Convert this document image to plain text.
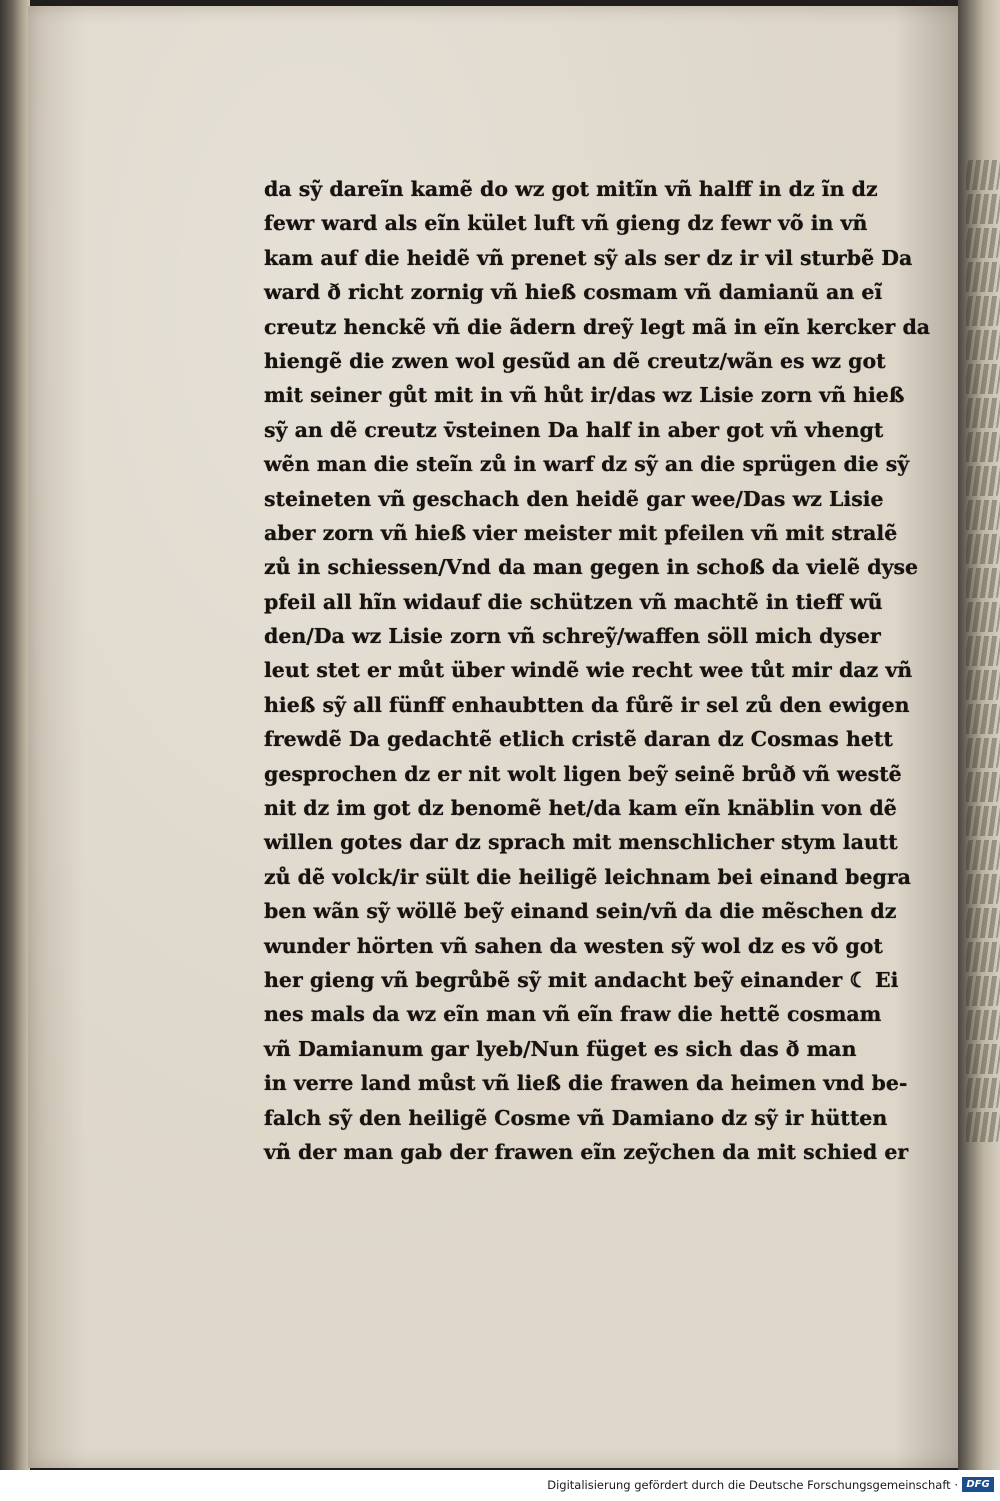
da sỹ dareĩn kamẽ do wz got mitĩn vñ halff in dz ĩn dz
fewr ward als eĩn kület luft vñ gieng dz fewr võ in vñ
kam auf die heidẽ vñ prenet sỹ als ser dz ir vil sturbẽ Da
ward ð richt zornig vñ hieß cosmam vñ damianũ an eĩ
creutz henckẽ vñ die ãdern dreỹ legt mã in eĩn kercker da
hiengẽ die zwen wol gesũd an dẽ creutz/wãn es wz got
mit seiner gůt mit in vñ hůt ir/das wz Lisie zorn vñ hieß
sỹ an dẽ creutz v̄steinen Da half in aber got vñ vhengt
wẽn man die steĩn zů in warf dz sỹ an die sprügen die sỹ
steineten vñ geschach den heidẽ gar wee/Das wz Lisie
aber zorn vñ hieß vier meister mit pfeilen vñ mit stralẽ
zů in schiessen/Vnd da man gegen in schoß da vielẽ dyse
pfeil all hĩn widauf die schützen vñ machtẽ in tieff wũ
den/Da wz Lisie zorn vñ schreỹ/waffen söll mich dyser
leut stet er můt über windẽ wie recht wee tůt mir daz vñ
hieß sỹ all fünff enhaubtten da fůrẽ ir sel zů den ewigen
frewdẽ Da gedachtẽ etlich cristẽ daran dz Cosmas hett
gesprochen dz er nit wolt ligen beỹ seinẽ brůð vñ westẽ
nit dz im got dz benomẽ het/da kam eĩn knäblin von dẽ
willen gotes dar dz sprach mit menschlicher stym lautt
zů dẽ volck/ir sült die heiligẽ leichnam bei einand begra
ben wãn sỹ wöllẽ beỹ einand sein/vñ da die mẽschen dz
wunder hörten vñ sahen da westen sỹ wol dz es võ got
her gieng vñ begrůbẽ sỹ mit andacht beỹ einander ☾ Ei
nes mals da wz eĩn man vñ eĩn fraw die hettẽ cosmam
vñ Damianum gar lyeb/Nun füget es sich das ð man
in verre land můst vñ ließ die frawen da heimen vnd be-
falch sỹ den heiligẽ Cosme vñ Damiano dz sỹ ir hütten
vñ der man gab der frawen eĩn zeỹchen da mit schied er
Digitalisierung gefördert durch die Deutsche Forschungsgemeinschaft · DFG
